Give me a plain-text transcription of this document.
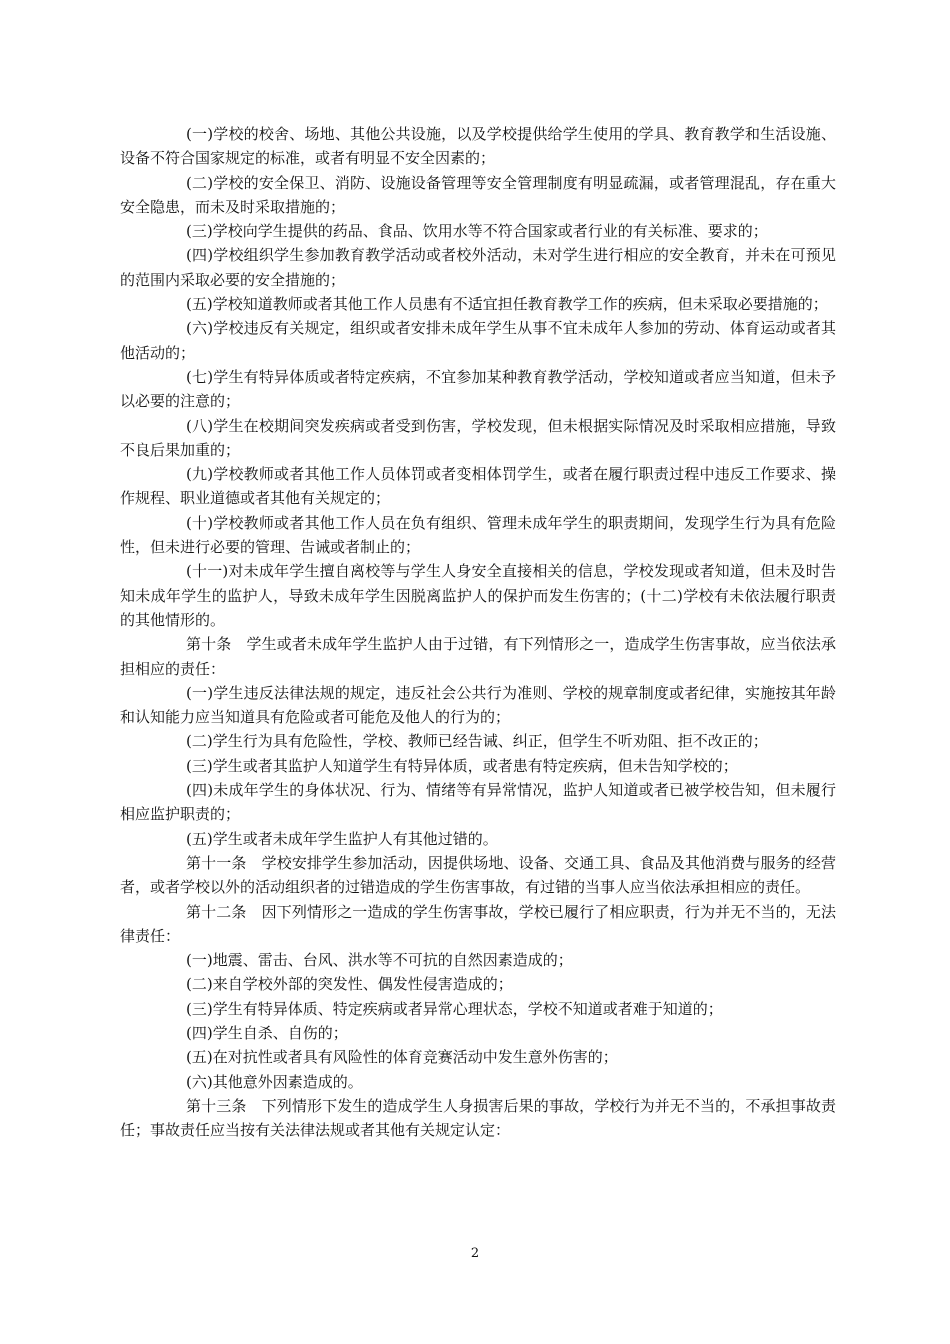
(一)学校的校舍、场地、其他公共设施，以及学校提供给学生使用的学具、教育教学和生活设施、设备不符合国家规定的标准，或者有明显不安全因素的；

(二)学校的安全保卫、消防、设施设备管理等安全管理制度有明显疏漏，或者管理混乱，存在重大安全隐患，而未及时采取措施的；

(三)学校向学生提供的药品、食品、饮用水等不符合国家或者行业的有关标准、要求的；

(四)学校组织学生参加教育教学活动或者校外活动，未对学生进行相应的安全教育，并未在可预见的范围内采取必要的安全措施的；

(五)学校知道教师或者其他工作人员患有不适宜担任教育教学工作的疾病，但未采取必要措施的；

(六)学校违反有关规定，组织或者安排未成年学生从事不宜未成年人参加的劳动、体育运动或者其他活动的；

(七)学生有特异体质或者特定疾病，不宜参加某种教育教学活动，学校知道或者应当知道，但未予以必要的注意的；

(八)学生在校期间突发疾病或者受到伤害，学校发现，但未根据实际情况及时采取相应措施，导致不良后果加重的；

(九)学校教师或者其他工作人员体罚或者变相体罚学生，或者在履行职责过程中违反工作要求、操作规程、职业道德或者其他有关规定的；

(十)学校教师或者其他工作人员在负有组织、管理未成年学生的职责期间，发现学生行为具有危险性，但未进行必要的管理、告诫或者制止的；

(十一)对未成年学生擅自离校等与学生人身安全直接相关的信息，学校发现或者知道，但未及时告知未成年学生的监护人，导致未成年学生因脱离监护人的保护而发生伤害的；(十二)学校有未依法履行职责的其他情形的。

第十条　学生或者未成年学生监护人由于过错，有下列情形之一，造成学生伤害事故，应当依法承担相应的责任：

(一)学生违反法律法规的规定，违反社会公共行为准则、学校的规章制度或者纪律，实施按其年龄和认知能力应当知道具有危险或者可能危及他人的行为的；

(二)学生行为具有危险性，学校、教师已经告诫、纠正，但学生不听劝阻、拒不改正的；

(三)学生或者其监护人知道学生有特异体质，或者患有特定疾病，但未告知学校的；

(四)未成年学生的身体状况、行为、情绪等有异常情况，监护人知道或者已被学校告知，但未履行相应监护职责的；

(五)学生或者未成年学生监护人有其他过错的。

第十一条　学校安排学生参加活动，因提供场地、设备、交通工具、食品及其他消费与服务的经营者，或者学校以外的活动组织者的过错造成的学生伤害事故，有过错的当事人应当依法承担相应的责任。

第十二条　因下列情形之一造成的学生伤害事故，学校已履行了相应职责，行为并无不当的，无法律责任：

(一)地震、雷击、台风、洪水等不可抗的自然因素造成的；

(二)来自学校外部的突发性、偶发性侵害造成的；

(三)学生有特异体质、特定疾病或者异常心理状态，学校不知道或者难于知道的；

(四)学生自杀、自伤的；

(五)在对抗性或者具有风险性的体育竞赛活动中发生意外伤害的；

(六)其他意外因素造成的。

第十三条　下列情形下发生的造成学生人身损害后果的事故，学校行为并无不当的，不承担事故责任；事故责任应当按有关法律法规或者其他有关规定认定：

2
